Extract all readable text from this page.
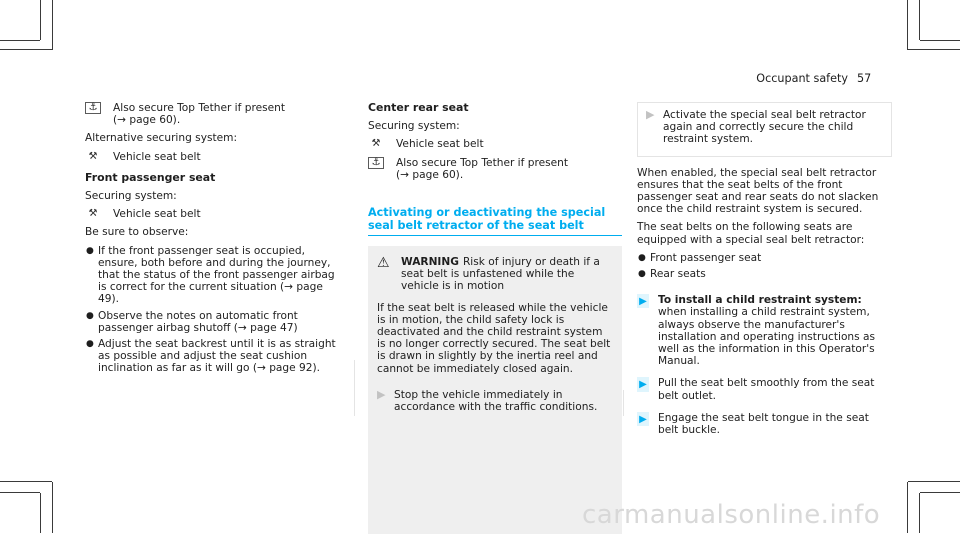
Occupant safety 57
⚓	Also secure Top Tether if present
(→ page 60).

Alternative securing system:

⚒	Vehicle seat belt
Front passenger seat

Securing system:

⚒	Vehicle seat belt

Be sure to observe:

● If the front passenger seat is occupied, ensure, both before and during the journey, that the status of the front passenger airbag is correct for the current situation (→ page 49).
● Observe the notes on automatic front passenger airbag shutoff (→ page 47)
● Adjust the seat backrest until it is as straight as possible and adjust the seat cushion inclination as far as it will go (→ page 92).
Center rear seat

Securing system:

⚒	Vehicle seat belt
⚓	Also secure Top Tether if present
(→ page 60).
Activating or deactivating the special seal belt retractor of the seat belt
⚠	WARNING Risk of injury or death if a seat belt is unfastened while the vehicle is in motion

If the seat belt is released while the vehicle is in motion, the child safety lock is deactivated and the child restraint system is no longer correctly secured. The seat belt is drawn in slightly by the inertia reel and cannot be immediately closed again.

▶ Stop the vehicle immediately in accordance with the traffic conditions.
▶ Activate the special seal belt retractor again and correctly secure the child restraint system.

When enabled, the special seal belt retractor ensures that the seat belts of the front passenger seat and rear seats do not slacken once the child restraint system is secured.

The seat belts on the following seats are equipped with a special seal belt retractor:

● Front passenger seat
● Rear seats
▶ To install a child restraint system: when installing a child restraint system, always observe the manufacturer's installation and operating instructions as well as the information in this Operator's Manual.
▶ Pull the seat belt smoothly from the seat belt outlet.
▶ Engage the seat belt tongue in the seat belt buckle.
carmanualsonline.info
